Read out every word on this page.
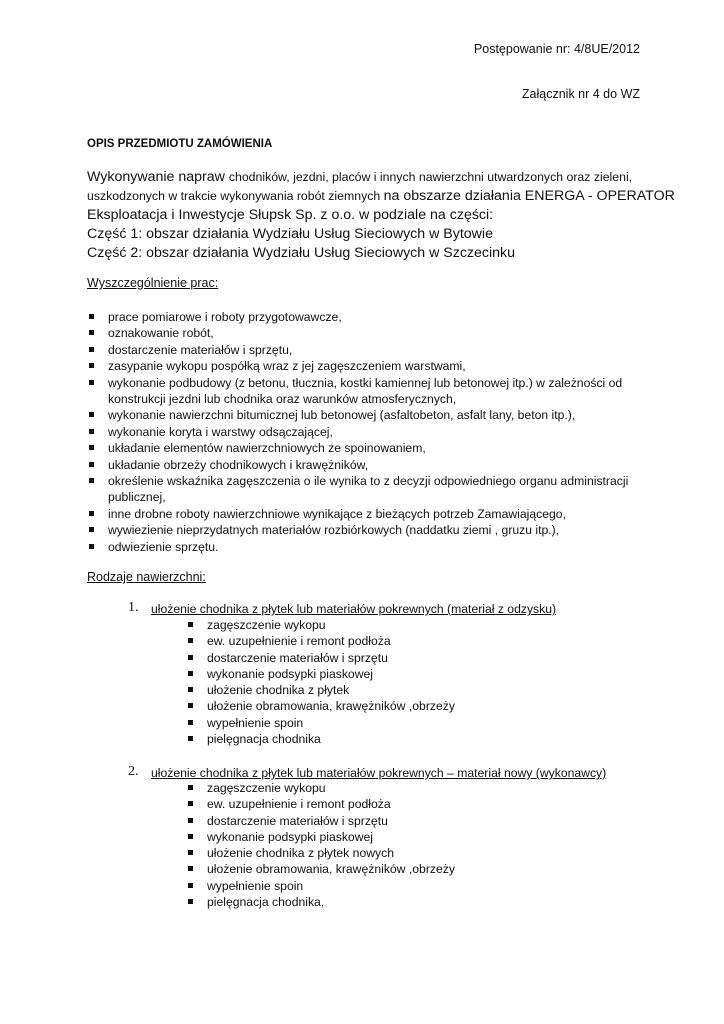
Postępowanie nr: 4/8UE/2012
Załącznik nr 4 do WZ
OPIS PRZEDMIOTU ZAMÓWIENIA
Wykonywanie napraw chodników, jezdni, placów i innych nawierzchni utwardzonych oraz zieleni,
uszkodzonych w trakcie wykonywania robót ziemnych na obszarze działania ENERGA - OPERATOR
Eksploatacja i Inwestycje Słupsk Sp. z o.o. w podziale na części:
Część 1: obszar działania Wydziału Usług Sieciowych w Bytowie
Część 2: obszar działania Wydziału Usług Sieciowych w Szczecinku
Wyszczególnienie prac:
prace pomiarowe i roboty przygotowawcze,
oznakowanie robót,
dostarczenie materiałów i sprzętu,
zasypanie wykopu pospółką wraz z jej zagęszczeniem warstwami,
wykonanie podbudowy (z betonu, tłucznia, kostki kamiennej lub betonowej itp.) w zależności od
konstrukcji jezdni lub chodnika oraz warunków atmosferycznych,
wykonanie nawierzchni bitumicznej lub betonowej (asfaltobeton, asfalt lany, beton itp.),
wykonanie koryta i warstwy odsączającej,
układanie elementów nawierzchniowych ze spoinowaniem,
układanie obrzeży chodnikowych i krawężników,
określenie wskaźnika zagęszczenia o ile wynika to z decyzji odpowiedniego organu administracji
publicznej,
inne drobne roboty nawierzchniowe wynikające z bieżących potrzeb Zamawiającego,
wywiezienie nieprzydatnych materiałów rozbiórkowych (naddatku ziemi , gruzu itp.),
odwiezienie sprzętu.
Rodzaje nawierzchni:
1. ułożenie chodnika z płytek lub materiałów pokrewnych (materiał z odzysku)
zagęszczenie wykopu
ew. uzupełnienie i remont podłoża
dostarczenie materiałów i sprzętu
wykonanie podsypki piaskowej
ułożenie chodnika z płytek
ułożenie obramowania, krawężników ,obrzeży
wypełnienie spoin
pielęgnacja chodnika
2. ułożenie chodnika z płytek lub materiałów pokrewnych – materiał nowy (wykonawcy)
zagęszczenie wykopu
ew. uzupełnienie i remont podłoża
dostarczenie materiałów i sprzętu
wykonanie podsypki piaskowej
ułożenie chodnika z płytek nowych
ułożenie obramowania, krawężników ,obrzeży
wypełnienie spoin
pielęgnacja chodnika,
